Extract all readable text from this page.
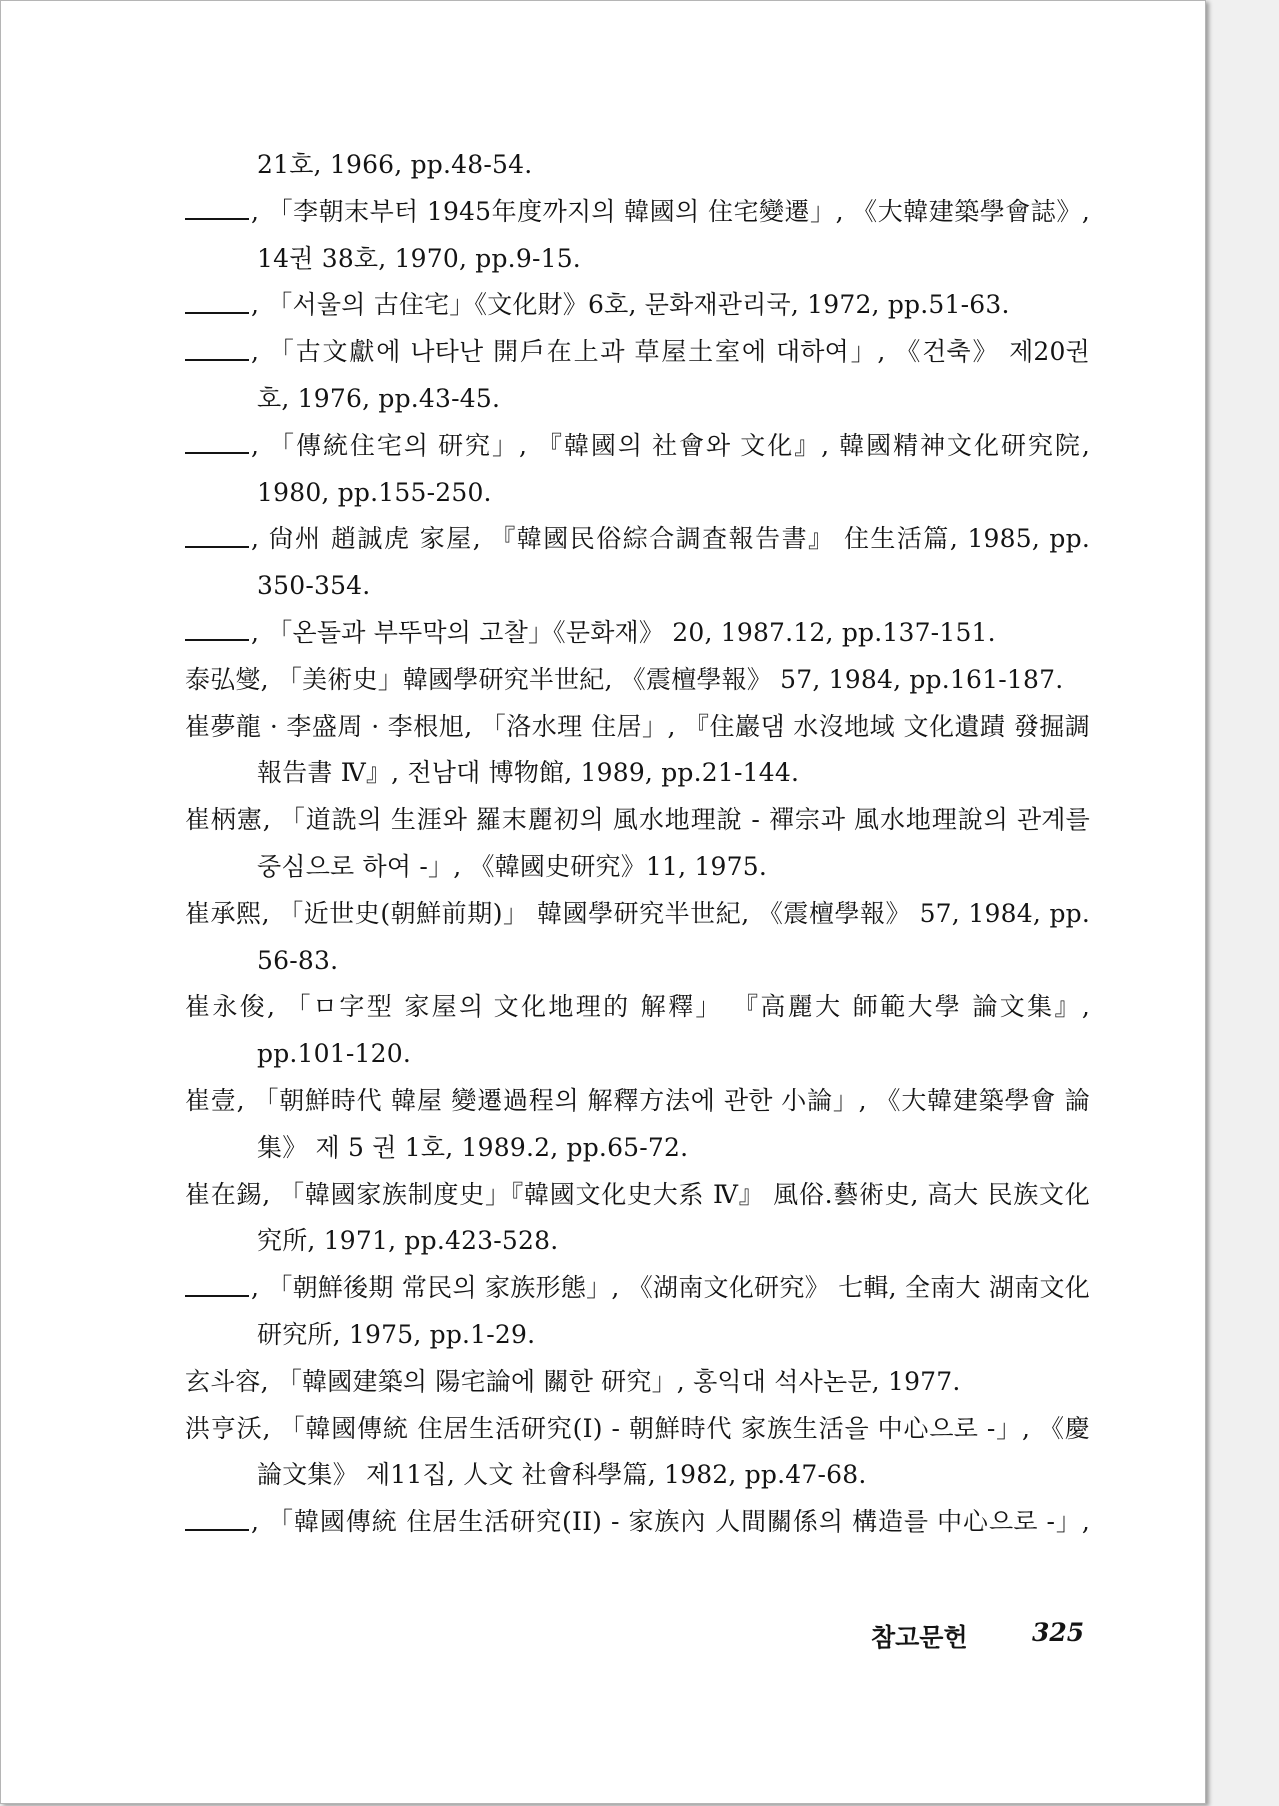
21호, 1966, pp.48-54.
, 「李朝末부터 1945年度까지의 韓國의 住宅變遷」, 《大韓建築學會誌》,
14권 38호, 1970, pp.9-15.
, 「서울의 古住宅」《文化財》6호, 문화재관리국, 1972, pp.51-63.
, 「古文獻에 나타난 開戶在上과 草屋土室에 대하여」, 《건축》 제20권
호, 1976, pp.43-45.
, 「傳統住宅의 研究」, 『韓國의 社會와 文化』, 韓國精神文化研究院,
1980, pp.155-250.
, 尙州 趙誠虎 家屋, 『韓國民俗綜合調査報告書』 住生活篇, 1985, pp.
350-354.
, 「온돌과 부뚜막의 고찰」《문화재》 20, 1987.12, pp.137-151.
泰弘燮, 「美術史」韓國學研究半世紀, 《震檀學報》 57, 1984, pp.161-187.
崔夢龍 · 李盛周 · 李根旭, 「洛水理 住居」, 『住巖댐 水沒地域 文化遺蹟 發掘調
報告書 Ⅳ』, 전남대 博物館, 1989, pp.21-144.
崔柄憲, 「道詵의 生涯와 羅末麗初의 風水地理說 - 禪宗과 風水地理說의 관계를
중심으로 하여 -」, 《韓國史研究》11, 1975.
崔承熙, 「近世史(朝鮮前期)」 韓國學研究半世紀, 《震檀學報》 57, 1984, pp.
56-83.
崔永俊, 「ㅁ字型 家屋의 文化地理的 解釋」 『高麗大 師範大學 論文集』,
pp.101-120.
崔壹, 「朝鮮時代 韓屋 變遷過程의 解釋方法에 관한 小論」, 《大韓建築學會 論
集》 제 5 권 1호, 1989.2, pp.65-72.
崔在錫, 「韓國家族制度史」『韓國文化史大系 Ⅳ』 風俗.藝術史, 高大 民族文化
究所, 1971, pp.423-528.
, 「朝鮮後期 常民의 家族形態」, 《湖南文化研究》 七輯, 全南大 湖南文化
研究所, 1975, pp.1-29.
玄斗容, 「韓國建築의 陽宅論에 關한 研究」, 홍익대 석사논문, 1977.
洪亨沃, 「韓國傳統 住居生活研究(I) - 朝鮮時代 家族生活을 中心으로 -」, 《慶
論文集》 제11집, 人文 社會科學篇, 1982, pp.47-68.
, 「韓國傳統 住居生活研究(II) - 家族內 人間關係의 構造를 中心으로 -」,
참고문헌	325
